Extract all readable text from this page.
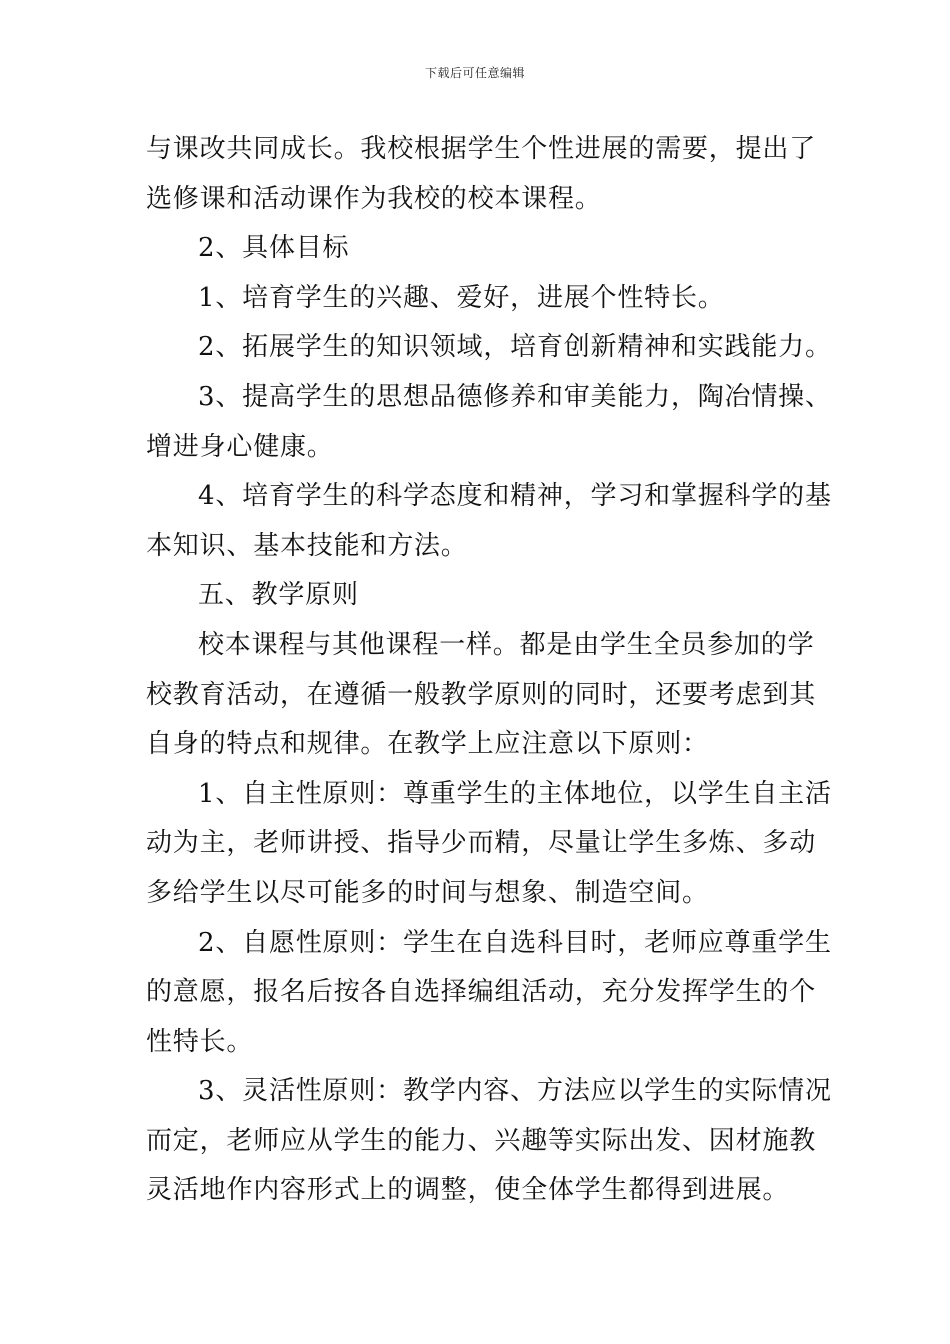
下载后可任意编辑

与课改共同成长。我校根据学生个性进展的需要，提出了
选修课和活动课作为我校的校本课程。

2、具体目标

1、培育学生的兴趣、爱好，进展个性特长。

2、拓展学生的知识领域，培育创新精神和实践能力。

3、提高学生的思想品德修养和审美能力，陶冶情操、
增进身心健康。

4、培育学生的科学态度和精神，学习和掌握科学的基
本知识、基本技能和方法。

五、教学原则

校本课程与其他课程一样。都是由学生全员参加的学
校教育活动，在遵循一般教学原则的同时，还要考虑到其
自身的特点和规律。在教学上应注意以下原则：

1、自主性原则：尊重学生的主体地位，以学生自主活
动为主，老师讲授、指导少而精，尽量让学生多炼、多动
多给学生以尽可能多的时间与想象、制造空间。

2、自愿性原则：学生在自选科目时，老师应尊重学生
的意愿，报名后按各自选择编组活动，充分发挥学生的个
性特长。

3、灵活性原则：教学内容、方法应以学生的实际情况
而定，老师应从学生的能力、兴趣等实际出发、因材施教
灵活地作内容形式上的调整，使全体学生都得到进展。
